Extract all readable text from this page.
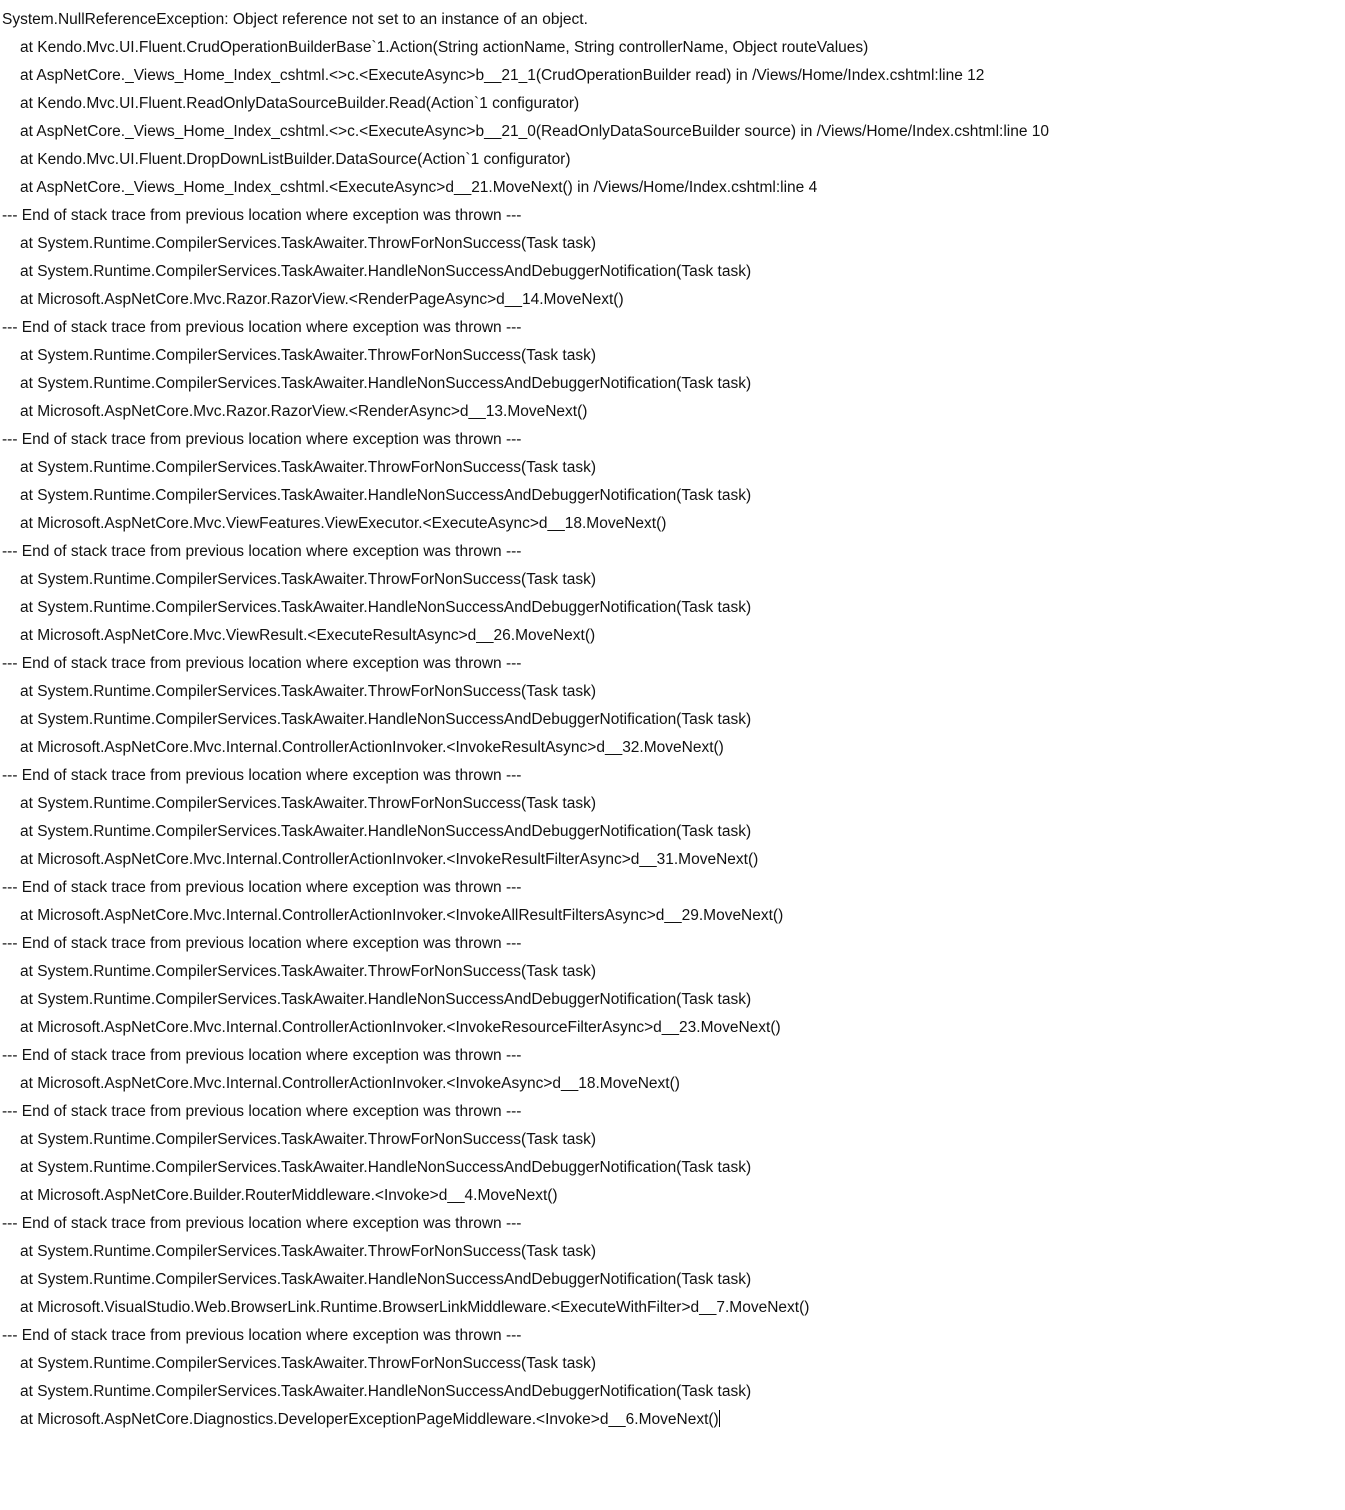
System.NullReferenceException: Object reference not set to an instance of an object.
at Kendo.Mvc.UI.Fluent.CrudOperationBuilderBase`1.Action(String actionName, String controllerName, Object routeValues)
at AspNetCore._Views_Home_Index_cshtml.<>c.<ExecuteAsync>b__21_1(CrudOperationBuilder read) in /Views/Home/Index.cshtml:line 12
at Kendo.Mvc.UI.Fluent.ReadOnlyDataSourceBuilder.Read(Action`1 configurator)
at AspNetCore._Views_Home_Index_cshtml.<>c.<ExecuteAsync>b__21_0(ReadOnlyDataSourceBuilder source) in /Views/Home/Index.cshtml:line 10
at Kendo.Mvc.UI.Fluent.DropDownListBuilder.DataSource(Action`1 configurator)
at AspNetCore._Views_Home_Index_cshtml.<ExecuteAsync>d__21.MoveNext() in /Views/Home/Index.cshtml:line 4
--- End of stack trace from previous location where exception was thrown ---
at System.Runtime.CompilerServices.TaskAwaiter.ThrowForNonSuccess(Task task)
at System.Runtime.CompilerServices.TaskAwaiter.HandleNonSuccessAndDebuggerNotification(Task task)
at Microsoft.AspNetCore.Mvc.Razor.RazorView.<RenderPageAsync>d__14.MoveNext()
--- End of stack trace from previous location where exception was thrown ---
at System.Runtime.CompilerServices.TaskAwaiter.ThrowForNonSuccess(Task task)
at System.Runtime.CompilerServices.TaskAwaiter.HandleNonSuccessAndDebuggerNotification(Task task)
at Microsoft.AspNetCore.Mvc.Razor.RazorView.<RenderAsync>d__13.MoveNext()
--- End of stack trace from previous location where exception was thrown ---
at System.Runtime.CompilerServices.TaskAwaiter.ThrowForNonSuccess(Task task)
at System.Runtime.CompilerServices.TaskAwaiter.HandleNonSuccessAndDebuggerNotification(Task task)
at Microsoft.AspNetCore.Mvc.ViewFeatures.ViewExecutor.<ExecuteAsync>d__18.MoveNext()
--- End of stack trace from previous location where exception was thrown ---
at System.Runtime.CompilerServices.TaskAwaiter.ThrowForNonSuccess(Task task)
at System.Runtime.CompilerServices.TaskAwaiter.HandleNonSuccessAndDebuggerNotification(Task task)
at Microsoft.AspNetCore.Mvc.ViewResult.<ExecuteResultAsync>d__26.MoveNext()
--- End of stack trace from previous location where exception was thrown ---
at System.Runtime.CompilerServices.TaskAwaiter.ThrowForNonSuccess(Task task)
at System.Runtime.CompilerServices.TaskAwaiter.HandleNonSuccessAndDebuggerNotification(Task task)
at Microsoft.AspNetCore.Mvc.Internal.ControllerActionInvoker.<InvokeResultAsync>d__32.MoveNext()
--- End of stack trace from previous location where exception was thrown ---
at System.Runtime.CompilerServices.TaskAwaiter.ThrowForNonSuccess(Task task)
at System.Runtime.CompilerServices.TaskAwaiter.HandleNonSuccessAndDebuggerNotification(Task task)
at Microsoft.AspNetCore.Mvc.Internal.ControllerActionInvoker.<InvokeResultFilterAsync>d__31.MoveNext()
--- End of stack trace from previous location where exception was thrown ---
at Microsoft.AspNetCore.Mvc.Internal.ControllerActionInvoker.<InvokeAllResultFiltersAsync>d__29.MoveNext()
--- End of stack trace from previous location where exception was thrown ---
at System.Runtime.CompilerServices.TaskAwaiter.ThrowForNonSuccess(Task task)
at System.Runtime.CompilerServices.TaskAwaiter.HandleNonSuccessAndDebuggerNotification(Task task)
at Microsoft.AspNetCore.Mvc.Internal.ControllerActionInvoker.<InvokeResourceFilterAsync>d__23.MoveNext()
--- End of stack trace from previous location where exception was thrown ---
at Microsoft.AspNetCore.Mvc.Internal.ControllerActionInvoker.<InvokeAsync>d__18.MoveNext()
--- End of stack trace from previous location where exception was thrown ---
at System.Runtime.CompilerServices.TaskAwaiter.ThrowForNonSuccess(Task task)
at System.Runtime.CompilerServices.TaskAwaiter.HandleNonSuccessAndDebuggerNotification(Task task)
at Microsoft.AspNetCore.Builder.RouterMiddleware.<Invoke>d__4.MoveNext()
--- End of stack trace from previous location where exception was thrown ---
at System.Runtime.CompilerServices.TaskAwaiter.ThrowForNonSuccess(Task task)
at System.Runtime.CompilerServices.TaskAwaiter.HandleNonSuccessAndDebuggerNotification(Task task)
at Microsoft.VisualStudio.Web.BrowserLink.Runtime.BrowserLinkMiddleware.<ExecuteWithFilter>d__7.MoveNext()
--- End of stack trace from previous location where exception was thrown ---
at System.Runtime.CompilerServices.TaskAwaiter.ThrowForNonSuccess(Task task)
at System.Runtime.CompilerServices.TaskAwaiter.HandleNonSuccessAndDebuggerNotification(Task task)
at Microsoft.AspNetCore.Diagnostics.DeveloperExceptionPageMiddleware.<Invoke>d__6.MoveNext()
